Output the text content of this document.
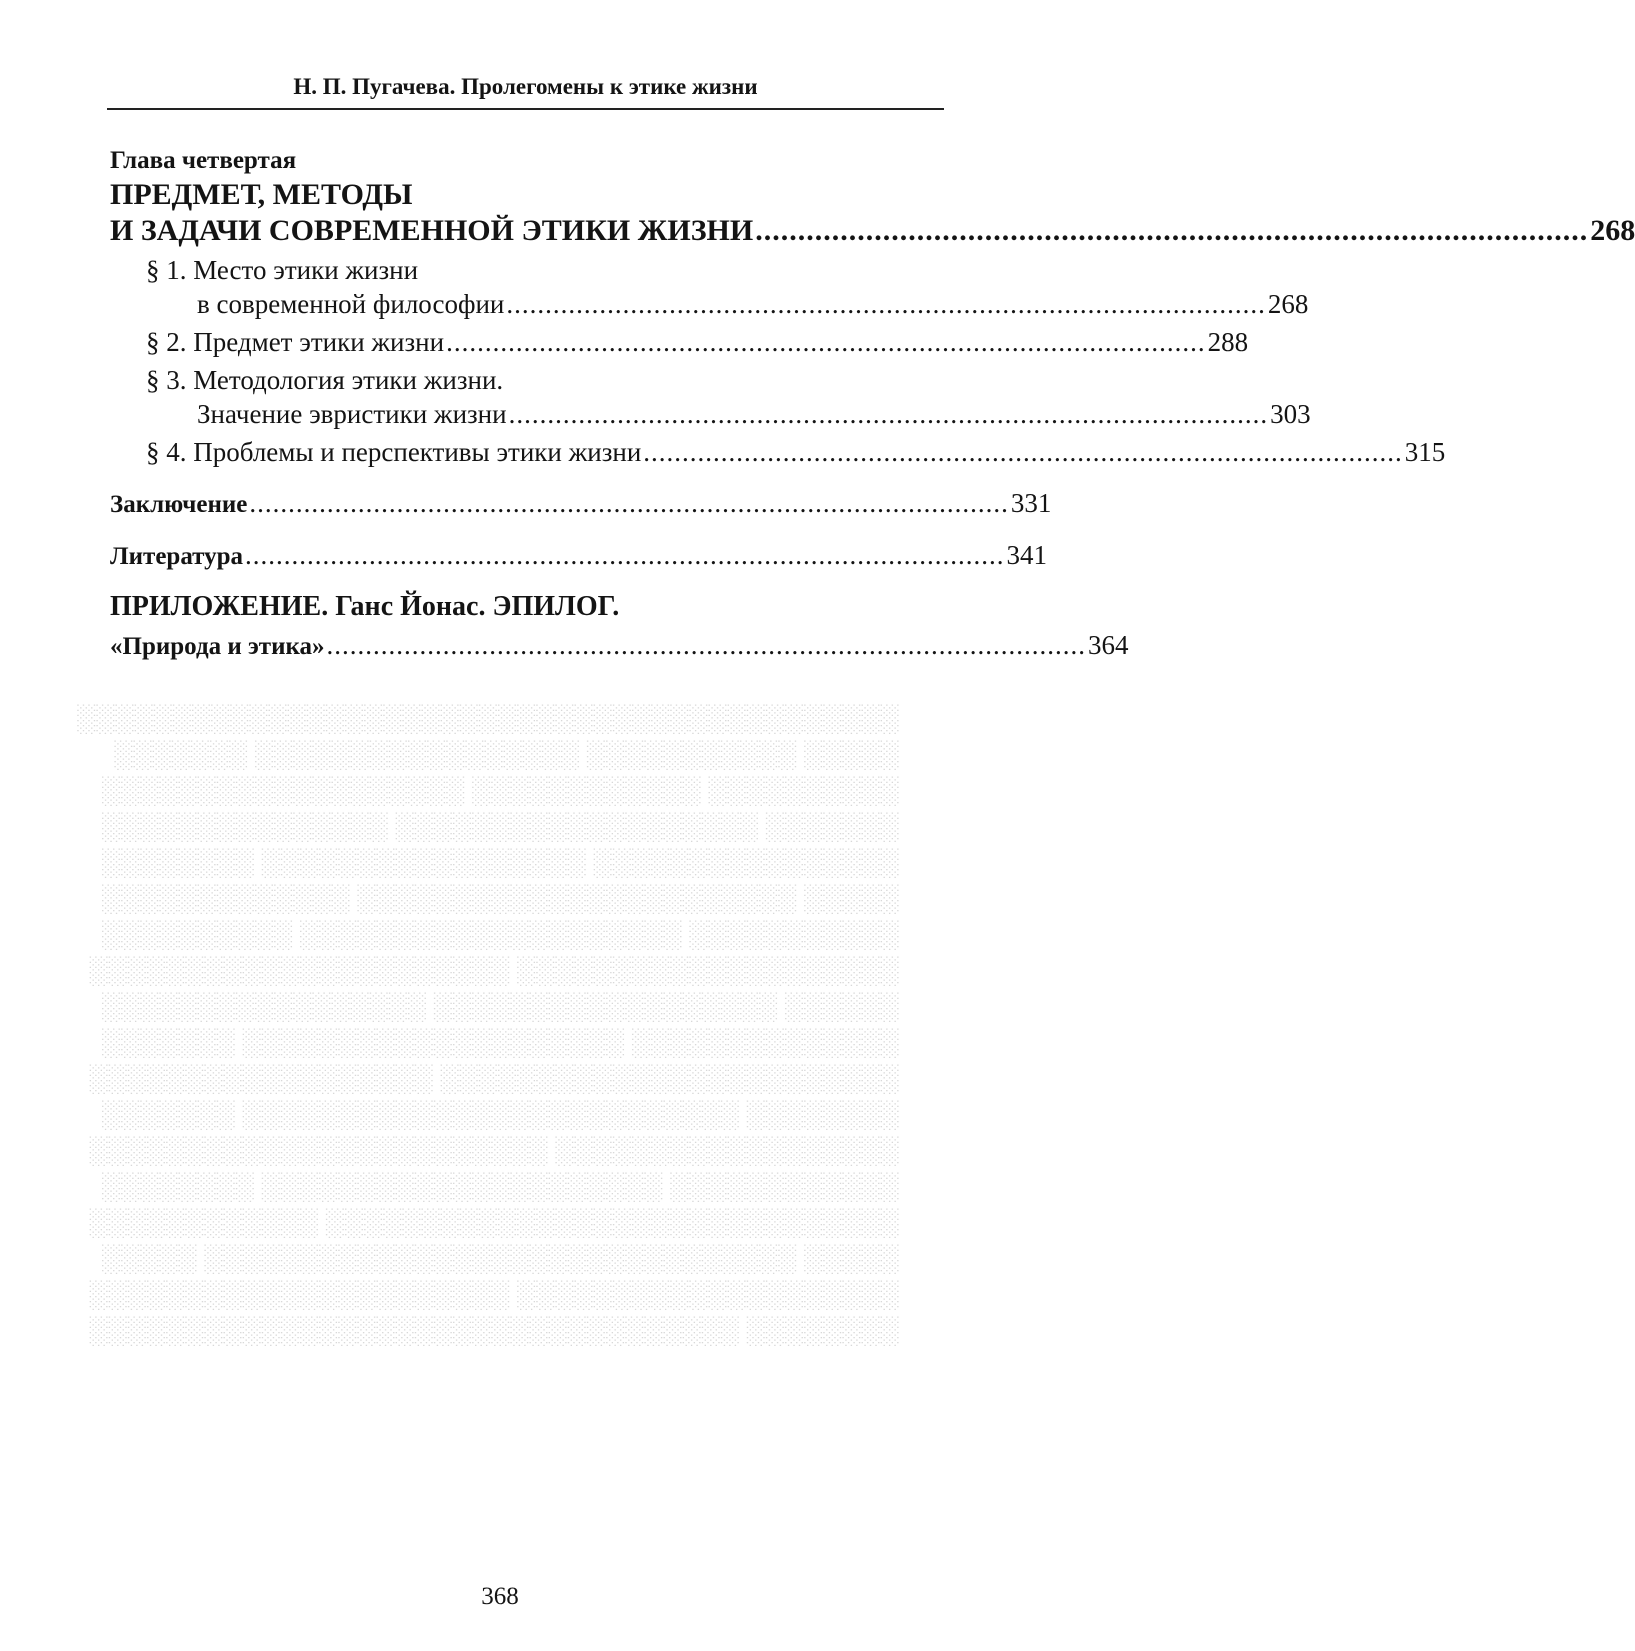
░░░░░░░░░░░░░░░░░░░░░░░░░░░░░░░░░░░░░░░░░░░
░░░░░ ░░░░░░░░░░░ ░░░░░░░░░░░░░░░░░ ░░░░░░░
░░░░░░░░░░ ░░░░░░░░░░░░ ░░░░░░░░░░░░░░░░░░░
░░░░░░░ ░░░░░░░░░░░░░░░░░░░ ░░░░░░░░░░░░░░░
░░░░░░░░░░░░░░░░ ░░░░░░░░░░░░░░░░░ ░░░░░░░░
░░░░░ ░░░░░░░░░░░░░░░░░░░░░░░ ░░░░░░░░░░░░░
░░░░░░░░░░░ ░░░░░░░░░░░░░░░░░░░░ ░░░░░░░░░░
░░░░░░░░░░░░░░░░░░░░ ░░░░░░░░░░░░░░░░░░░░░░
░░░░░░ ░░░░░░░░░░░░░░░░░░ ░░░░░░░░░░░░░░░░░
░░░░░░░░░░░░░░ ░░░░░░░░░░░░░░░░░░░░ ░░░░░░░
░░░░░░░░░░░░░░░░░░░░░░░░ ░░░░░░░░░░░░░░░░░░
░░░░░░░░ ░░░░░░░░░░░░░░░░░░░░░░░░░░ ░░░░░░░
░░░░░░░░░░░░░░░░░░ ░░░░░░░░░░░░░░░░░░░░░░░░
░░░░░░░░░░░░ ░░░░░░░░░░░░░░░░░░░░░ ░░░░░░░░
░░░░░░░░░░░░░░░░░░░░░░░░░░░░░░ ░░░░░░░░░░░░
░░░░░ ░░░░░░░░░░░░░░░░░░░░░░░░░░░░░░░ ░░░░░
░░░░░░░░░░░░░░░░░░░░ ░░░░░░░░░░░░░░░░░░░░░░
░░░░░░░░ ░░░░░░░░░░░░░░░░░░░░░░░░░░░░░░░░░░
Н. П. Пугачева. Пролегомены к этике жизни
Глава четвертая
ПРЕДМЕТ, МЕТОДЫ
И ЗАДАЧИ СОВРЕМЕННОЙ ЭТИКИ ЖИЗНИ .................................................................................................. 268
§ 1. Место этики жизни
в современной философии .................................................................................................. 268
§ 2. Предмет этики жизни .................................................................................................. 288
§ 3. Методология этики жизни.
Значение эвристики жизни .................................................................................................. 303
§ 4. Проблемы и перспективы этики жизни .................................................................................................. 315
Заключение .................................................................................................. 331
Литература .................................................................................................. 341
ПРИЛОЖЕНИЕ. Ганс Йонас. ЭПИЛОГ.
«Природа и этика» .................................................................................................. 364
368
